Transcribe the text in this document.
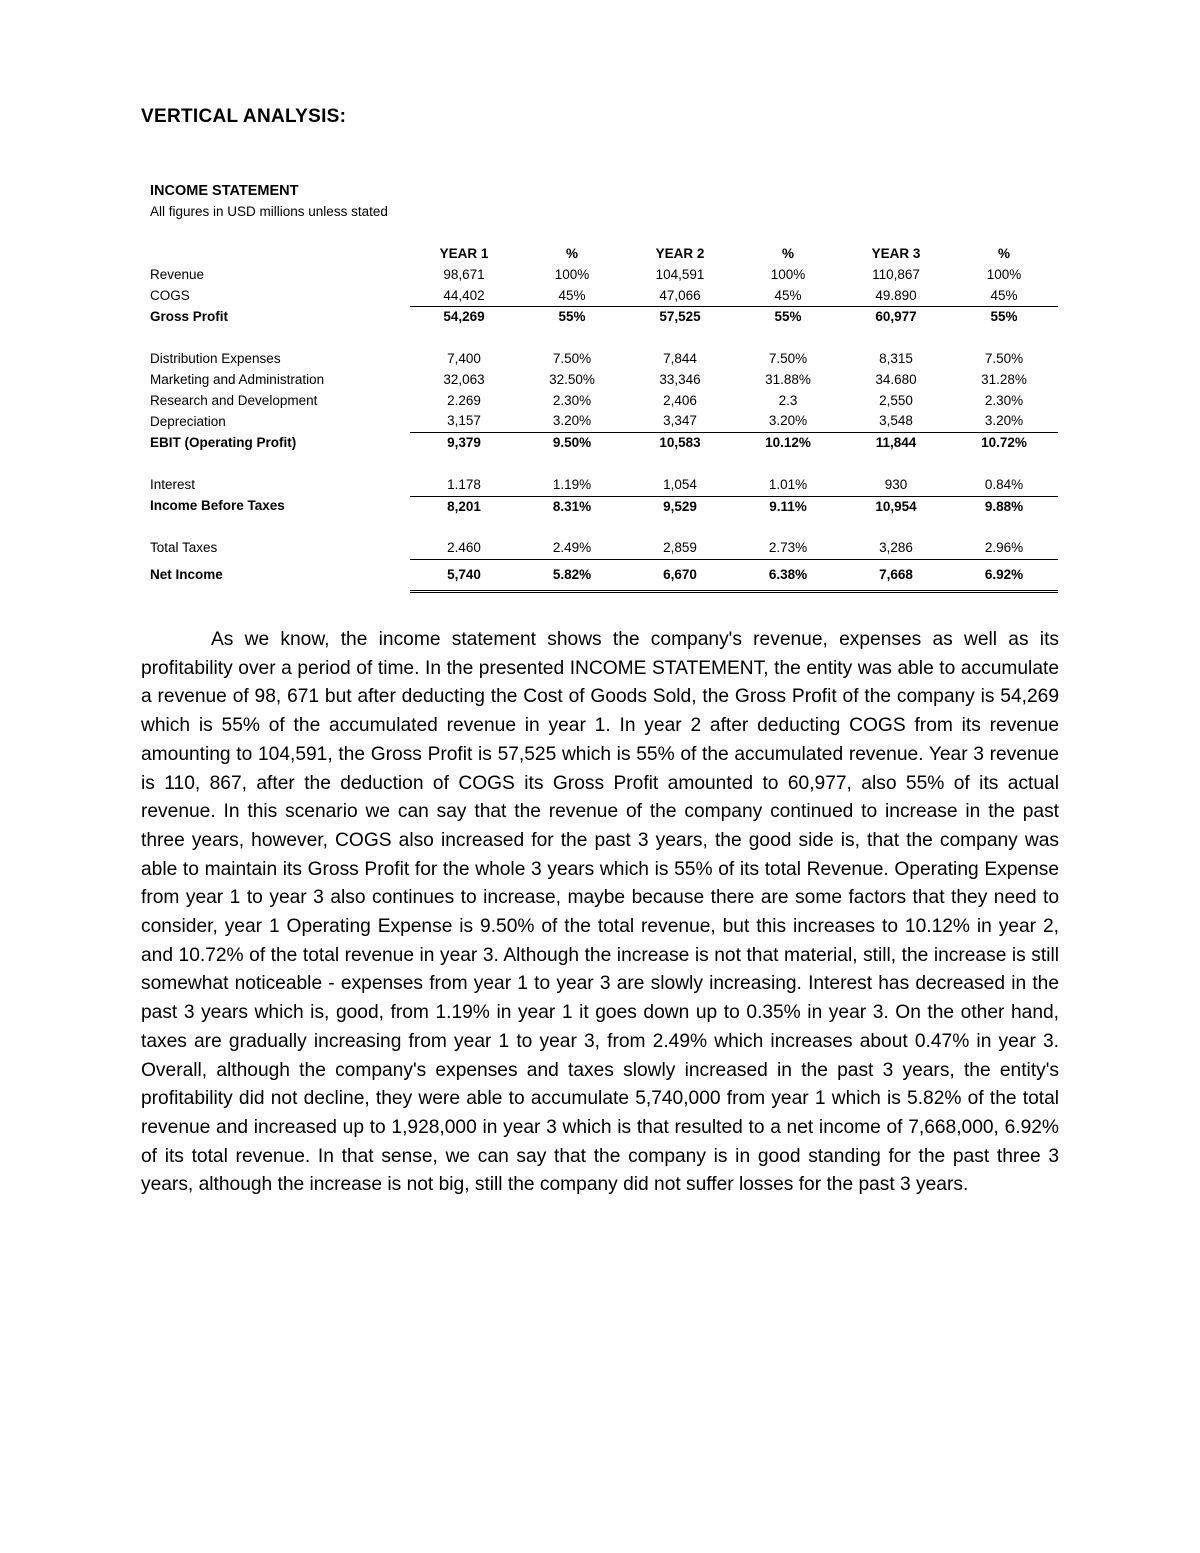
VERTICAL ANALYSIS:
INCOME STATEMENT
All figures in USD millions unless stated
	YEAR 1	%	YEAR 2	%	YEAR 3	%
Revenue	98,671	100%	104,591	100%	110,867	100%
COGS	44,402	45%	47,066	45%	49.890	45%
Gross Profit	54,269	55%	57,525	55%	60,977	55%

Distribution Expenses	7,400	7.50%	7,844	7.50%	8,315	7.50%
Marketing and Administration	32,063	32.50%	33,346	31.88%	34.680	31.28%
Research and Development	2.269	2.30%	2,406	2.3	2,550	2.30%
Depreciation	3,157	3.20%	3,347	3.20%	3,548	3.20%
EBIT (Operating Profit)	9,379	9.50%	10,583	10.12%	11,844	10.72%

Interest	1.178	1.19%	1,054	1.01%	930	0.84%
Income Before Taxes	8,201	8.31%	9,529	9.11%	10,954	9.88%

Total Taxes	2.460	2.49%	2,859	2.73%	3,286	2.96%
Net Income	5,740	5.82%	6,670	6.38%	7,668	6.92%

As we know, the income statement shows the company's revenue, expenses as well as its profitability over a period of time. In the presented INCOME STATEMENT, the entity was able to accumulate a revenue of 98, 671 but after deducting the Cost of Goods Sold, the Gross Profit of the company is 54,269 which is 55% of the accumulated revenue in year 1. In year 2 after deducting COGS from its revenue amounting to 104,591, the Gross Profit is 57,525 which is 55% of the accumulated revenue. Year 3 revenue is 110, 867, after the deduction of COGS its Gross Profit amounted to 60,977, also 55% of its actual revenue. In this scenario we can say that the revenue of the company continued to increase in the past three years, however, COGS also increased for the past 3 years, the good side is, that the company was able to maintain its Gross Profit for the whole 3 years which is 55% of its total Revenue. Operating Expense from year 1 to year 3 also continues to increase, maybe because there are some factors that they need to consider, year 1 Operating Expense is 9.50% of the total revenue, but this increases to 10.12% in year 2, and 10.72% of the total revenue in year 3. Although the increase is not that material, still, the increase is still somewhat noticeable - expenses from year 1 to year 3 are slowly increasing. Interest has decreased in the past 3 years which is, good, from 1.19% in year 1 it goes down up to 0.35% in year 3. On the other hand, taxes are gradually increasing from year 1 to year 3, from 2.49% which increases about 0.47% in year 3. Overall, although the company's expenses and taxes slowly increased in the past 3 years, the entity's profitability did not decline, they were able to accumulate 5,740,000 from year 1 which is 5.82% of the total revenue and increased up to 1,928,000 in year 3 which is that resulted to a net income of 7,668,000, 6.92% of its total revenue. In that sense, we can say that the company is in good standing for the past three 3 years, although the increase is not big, still the company did not suffer losses for the past 3 years.
